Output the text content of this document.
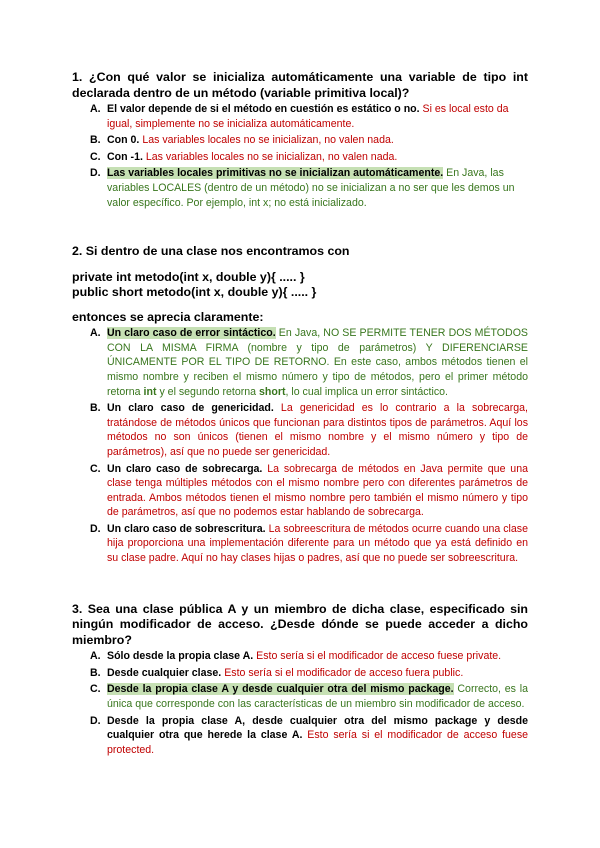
1. ¿Con qué valor se inicializa automáticamente una variable de tipo int declarada dentro de un método (variable primitiva local)?
A. El valor depende de si el método en cuestión es estático o no. Si es local esto da igual, simplemente no se inicializa automáticamente.
B. Con 0. Las variables locales no se inicializan, no valen nada.
C. Con -1. Las variables locales no se inicializan, no valen nada.
D. Las variables locales primitivas no se inicializan automáticamente. En Java, las variables LOCALES (dentro de un método) no se inicializan a no ser que les demos un valor específico. Por ejemplo, int x; no está inicializado.
2. Si dentro de una clase nos encontramos con
private int metodo(int x, double y){ ..... }
public short metodo(int x, double y){ ..... }
entonces se aprecia claramente:
A. Un claro caso de error sintáctico. En Java, NO SE PERMITE TENER DOS MÉTODOS CON LA MISMA FIRMA (nombre y tipo de parámetros) Y DIFERENCIARSE ÚNICAMENTE POR EL TIPO DE RETORNO. En este caso, ambos métodos tienen el mismo nombre y reciben el mismo número y tipo de métodos, pero el primer método retorna int y el segundo retorna short, lo cual implica un error sintáctico.
B. Un claro caso de genericidad. La genericidad es lo contrario a la sobrecarga, tratándose de métodos únicos que funcionan para distintos tipos de parámetros. Aquí los métodos no son únicos (tienen el mismo nombre y el mismo número y tipo de parámetros), así que no puede ser genericidad.
C. Un claro caso de sobrecarga. La sobrecarga de métodos en Java permite que una clase tenga múltiples métodos con el mismo nombre pero con diferentes parámetros de entrada. Ambos métodos tienen el mismo nombre pero también el mismo número y tipo de parámetros, así que no podemos estar hablando de sobrecarga.
D. Un claro caso de sobrescritura. La sobreescritura de métodos ocurre cuando una clase hija proporciona una implementación diferente para un método que ya está definido en su clase padre. Aquí no hay clases hijas o padres, así que no puede ser sobreescritura.
3. Sea una clase pública A y un miembro de dicha clase, especificado sin ningún modificador de acceso. ¿Desde dónde se puede acceder a dicho miembro?
A. Sólo desde la propia clase A. Esto sería si el modificador de acceso fuese private.
B. Desde cualquier clase. Esto sería si el modificador de acceso fuera public.
C. Desde la propia clase A y desde cualquier otra del mismo package. Correcto, es la única que corresponde con las características de un miembro sin modificador de acceso.
D. Desde la propia clase A, desde cualquier otra del mismo package y desde cualquier otra que herede la clase A. Esto sería si el modificador de acceso fuese protected.
